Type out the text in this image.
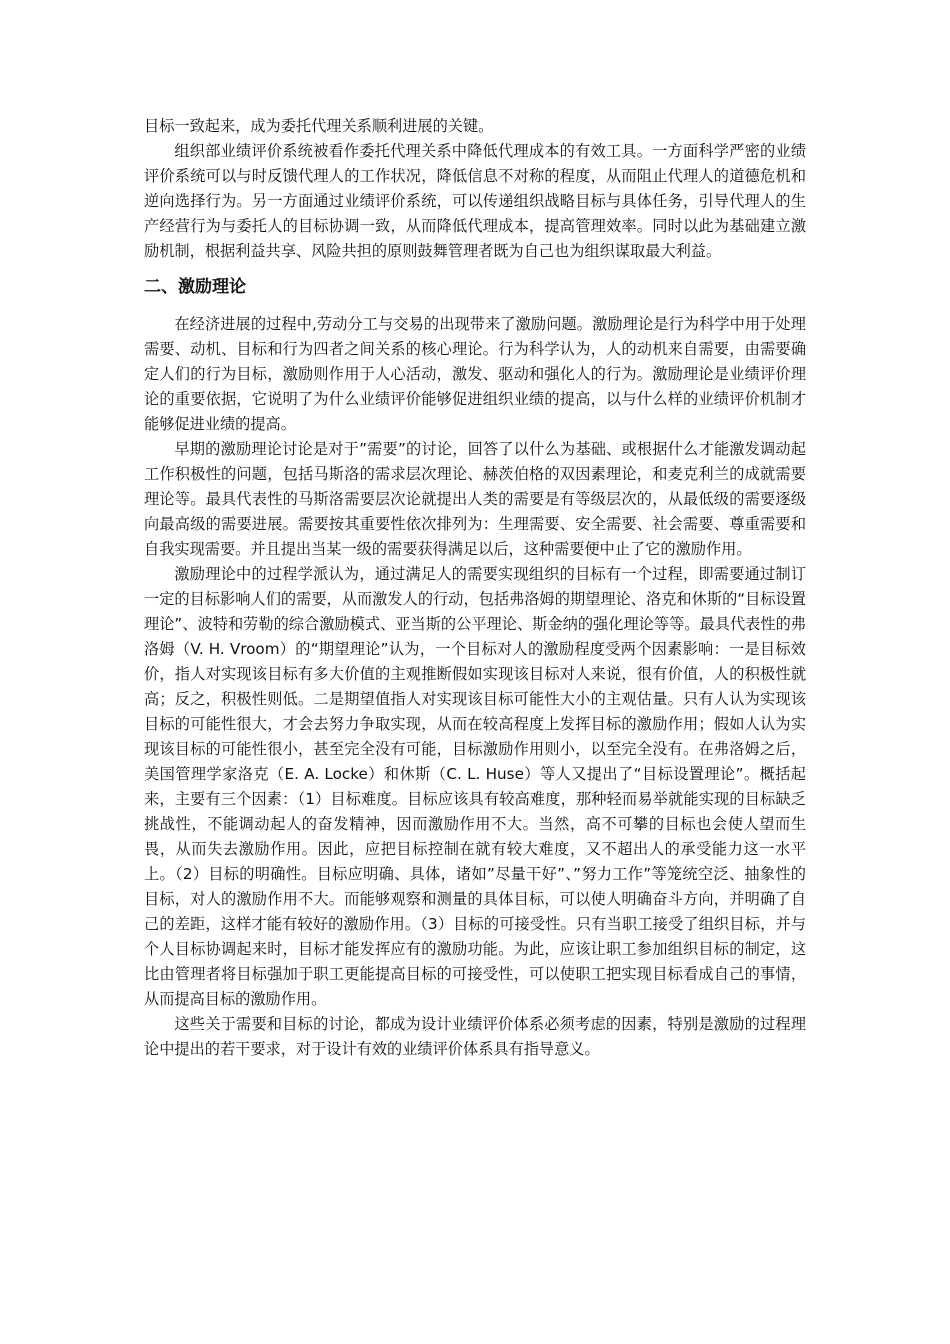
目标一致起来，成为委托代理关系顺利进展的关键。

组织部业绩评价系统被看作委托代理关系中降低代理成本的有效工具。一方面科学严密的业绩评价系统可以与时反馈代理人的工作状况，降低信息不对称的程度，从而阻止代理人的道德危机和逆向选择行为。另一方面通过业绩评价系统，可以传递组织战略目标与具体任务，引导代理人的生产经营行为与委托人的目标协调一致，从而降低代理成本，提高管理效率。同时以此为基础建立激励机制，根据利益共享、风险共担的原则鼓舞管理者既为自己也为组织谋取最大利益。

二、激励理论

在经济进展的过程中,劳动分工与交易的出现带来了激励问题。激励理论是行为科学中用于处理需要、动机、目标和行为四者之间关系的核心理论。行为科学认为，人的动机来自需要，由需要确定人们的行为目标，激励则作用于人心活动，激发、驱动和强化人的行为。激励理论是业绩评价理论的重要依据，它说明了为什么业绩评价能够促进组织业绩的提高，以与什么样的业绩评价机制才能够促进业绩的提高。

早期的激励理论讨论是对于”需要”的讨论，回答了以什么为基础、或根据什么才能激发调动起工作积极性的问题，包括马斯洛的需求层次理论、赫茨伯格的双因素理论，和麦克利兰的成就需要理论等。最具代表性的马斯洛需要层次论就提出人类的需要是有等级层次的，从最低级的需要逐级向最高级的需要进展。需要按其重要性依次排列为：生理需要、安全需要、社会需要、尊重需要和自我实现需要。并且提出当某一级的需要获得满足以后，这种需要便中止了它的激励作用。

激励理论中的过程学派认为，通过满足人的需要实现组织的目标有一个过程，即需要通过制订一定的目标影响人们的需要，从而激发人的行动，包括弗洛姆的期望理论、洛克和休斯的“目标设置理论”、波特和劳勒的综合激励模式、亚当斯的公平理论、斯金纳的强化理论等等。最具代表性的弗洛姆（V. H. Vroom）的“期望理论”认为，一个目标对人的激励程度受两个因素影响：一是目标效价，指人对实现该目标有多大价值的主观推断假如实现该目标对人来说，很有价值，人的积极性就高；反之，积极性则低。二是期望值指人对实现该目标可能性大小的主观估量。只有人认为实现该目标的可能性很大，才会去努力争取实现，从而在较高程度上发挥目标的激励作用；假如人认为实现该目标的可能性很小，甚至完全没有可能，目标激励作用则小，以至完全没有。在弗洛姆之后，美国管理学家洛克（E. A. Locke）和休斯（C. L. Huse）等人又提出了“目标设置理论”。概括起来，主要有三个因素：（1）目标难度。目标应该具有较高难度，那种轻而易举就能实现的目标缺乏挑战性，不能调动起人的奋发精神，因而激励作用不大。当然，高不可攀的目标也会使人望而生畏，从而失去激励作用。因此，应把目标控制在就有较大难度，又不超出人的承受能力这一水平上。（2）目标的明确性。目标应明确、具体，诸如”尽量干好”、”努力工作”等笼统空泛、抽象性的目标，对人的激励作用不大。而能够观察和测量的具体目标，可以使人明确奋斗方向，并明确了自己的差距，这样才能有较好的激励作用。（3）目标的可接受性。只有当职工接受了组织目标，并与个人目标协调起来时，目标才能发挥应有的激励功能。为此，应该让职工参加组织目标的制定，这比由管理者将目标强加于职工更能提高目标的可接受性，可以使职工把实现目标看成自己的事情，从而提高目标的激励作用。

这些关于需要和目标的讨论，都成为设计业绩评价体系必须考虑的因素，特别是激励的过程理论中提出的若干要求，对于设计有效的业绩评价体系具有指导意义。
